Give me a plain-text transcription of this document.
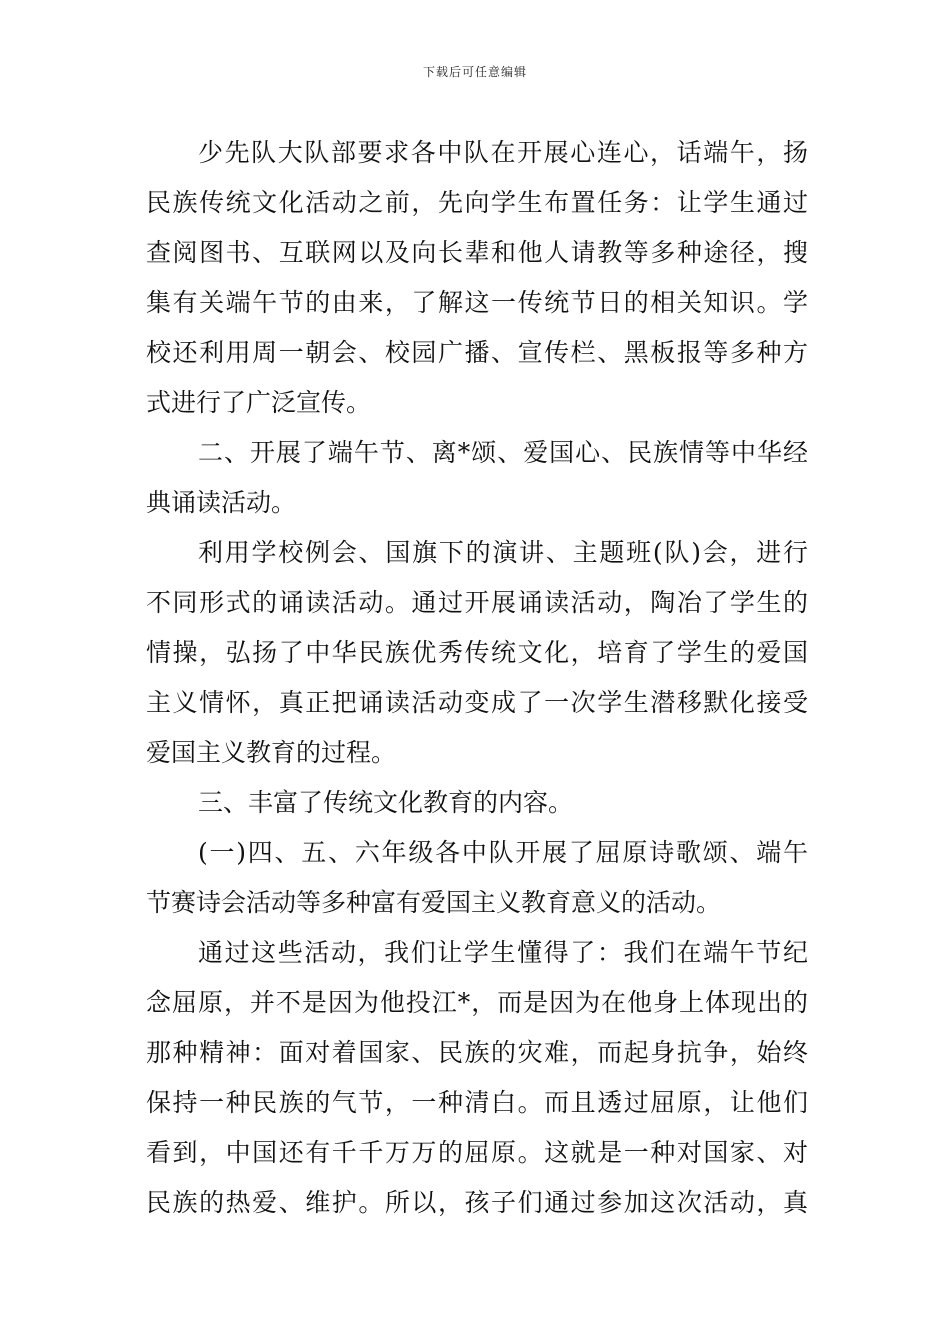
下载后可任意编辑
少先队大队部要求各中队在开展心连心，话端午，扬
民族传统文化活动之前，先向学生布置任务：让学生通过
查阅图书、互联网以及向长辈和他人请教等多种途径，搜
集有关端午节的由来，了解这一传统节日的相关知识。学
校还利用周一朝会、校园广播、宣传栏、黑板报等多种方
式进行了广泛宣传。
二、开展了端午节、离*颂、爱国心、民族情等中华经
典诵读活动。
利用学校例会、国旗下的演讲、主题班(队)会，进行
不同形式的诵读活动。通过开展诵读活动，陶冶了学生的
情操，弘扬了中华民族优秀传统文化，培育了学生的爱国
主义情怀，真正把诵读活动变成了一次学生潜移默化接受
爱国主义教育的过程。
三、丰富了传统文化教育的内容。
(一)四、五、六年级各中队开展了屈原诗歌颂、端午
节赛诗会活动等多种富有爱国主义教育意义的活动。
通过这些活动，我们让学生懂得了：我们在端午节纪
念屈原，并不是因为他投江*，而是因为在他身上体现出的
那种精神：面对着国家、民族的灾难，而起身抗争，始终
保持一种民族的气节，一种清白。而且透过屈原，让他们
看到，中国还有千千万万的屈原。这就是一种对国家、对
民族的热爱、维护。所以，孩子们通过参加这次活动，真
